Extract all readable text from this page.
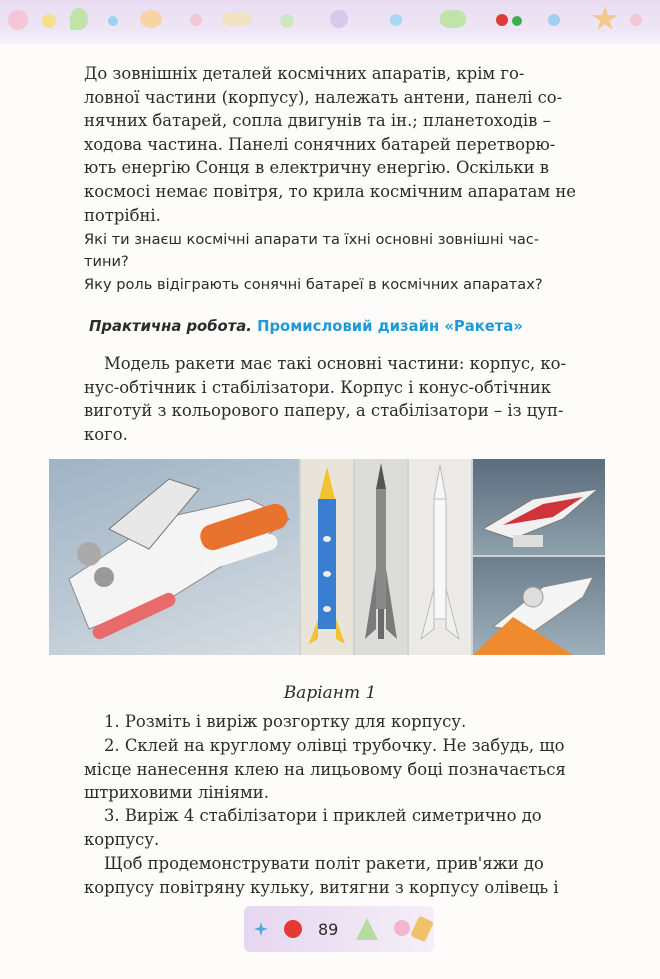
До зовнішніх деталей космічних апаратів, крім го-
ловної частини (корпусу), належать антени, панелі со-
нячних батарей, сопла двигунів та ін.; планетоходів –
ходова частина. Панелі сонячних батарей перетворю-
ють енергію Сонця в електричну енергію. Оскільки в
космосі немає повітря, то крила космічним апаратам не
потрібні.
Які ти знаєш космічні апарати та їхні основні зовнішні час-
тини?
Яку роль відіграють сонячні батареї в космічних апаратах?
Практична робота. Промисловий дизайн «Ракета»
Модель ракети має такі основні частини: корпус, ко-
нус-обтічник і стабілізатори. Корпус і конус-обтічник
виготуй з кольорового паперу, а стабілізатори – із цуп-
кого.
Варіант 1
1. Розміть і виріж розгортку для корпусу.
2. Склей на круглому олівці трубочку. Не забудь, що
місце нанесення клею на лицьовому боці позначається
штриховими лініями.
3. Виріж 4 стабілізатори і приклей симетрично до
корпусу.
Щоб продемонструвати політ ракети, прив'яжи до
корпусу повітряну кульку, витягни з корпусу олівець і
89
